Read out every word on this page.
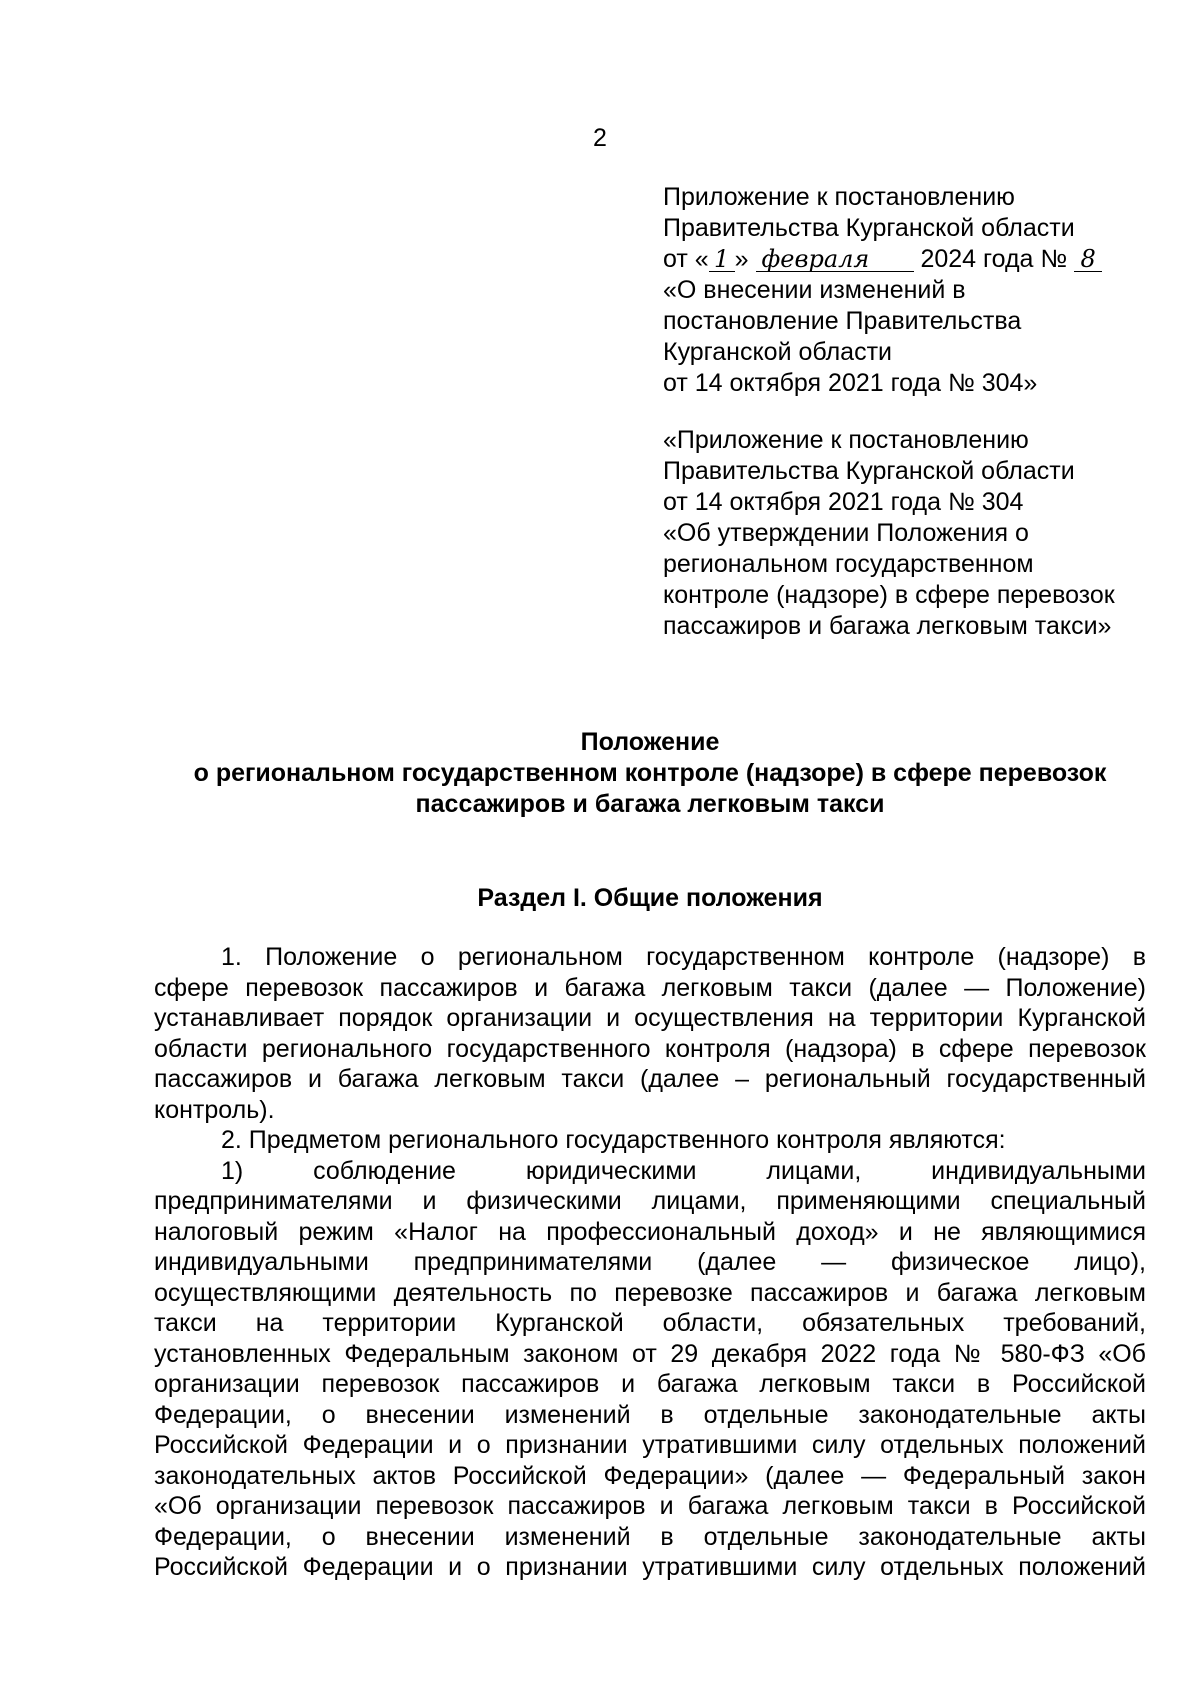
2
Приложение к постановлению
Правительства Курганской области
от « 1 » февраля 2024 года № 8
«О внесении изменений в
постановление Правительства
Курганской области
от 14 октября 2021 года № 304»
«Приложение к постановлению
Правительства Курганской области
от 14 октября 2021 года № 304
«Об утверждении Положения о
региональном государственном
контроле (надзоре) в сфере перевозок
пассажиров и багажа легковым такси»
Положение
о региональном государственном контроле (надзоре) в сфере перевозок
пассажиров и багажа легковым такси
Раздел I. Общие положения
1. Положение о региональном государственном контроле (надзоре) в
сфере перевозок пассажиров и багажа легковым такси (далее — Положение)
устанавливает порядок организации и осуществления на территории Курганской
области регионального государственного контроля (надзора) в сфере перевозок
пассажиров и багажа легковым такси (далее – региональный государственный
контроль).
2. Предметом регионального государственного контроля являются:
1) соблюдение юридическими лицами, индивидуальными
предпринимателями и физическими лицами, применяющими специальный
налоговый режим «Налог на профессиональный доход» и не являющимися
индивидуальными предпринимателями (далее — физическое лицо),
осуществляющими деятельность по перевозке пассажиров и багажа легковым
такси на территории Курганской области, обязательных требований,
установленных Федеральным законом от 29 декабря 2022 года № 580-ФЗ «Об
организации перевозок пассажиров и багажа легковым такси в Российской
Федерации, о внесении изменений в отдельные законодательные акты
Российской Федерации и о признании утратившими силу отдельных положений
законодательных актов Российской Федерации» (далее — Федеральный закон
«Об организации перевозок пассажиров и багажа легковым такси в Российской
Федерации, о внесении изменений в отдельные законодательные акты
Российской Федерации и о признании утратившими силу отдельных положений
